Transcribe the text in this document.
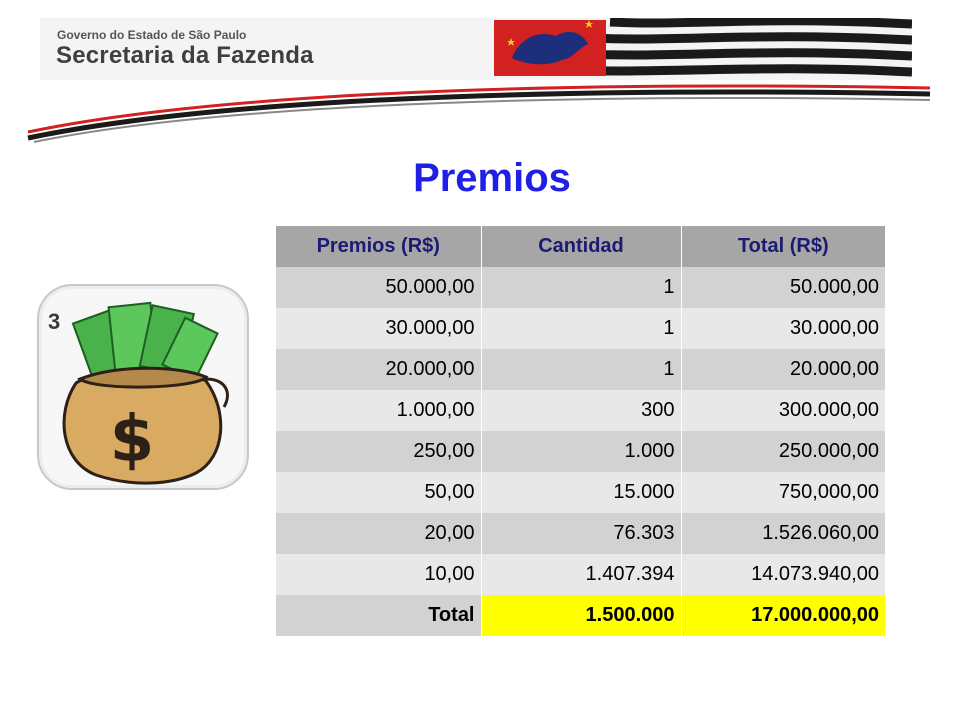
Governo do Estado de São Paulo
Secretaria da Fazenda
Premios
3
$
Premios (R$)	Cantidad	Total (R$)
50.000,00	1	50.000,00
30.000,00	1	30.000,00
20.000,00	1	20.000,00
1.000,00	300	300.000,00
250,00	1.000	250.000,00
50,00	15.000	750,000,00
20,00	76.303	1.526.060,00
10,00	1.407.394	14.073.940,00
Total	1.500.000	17.000.000,00
